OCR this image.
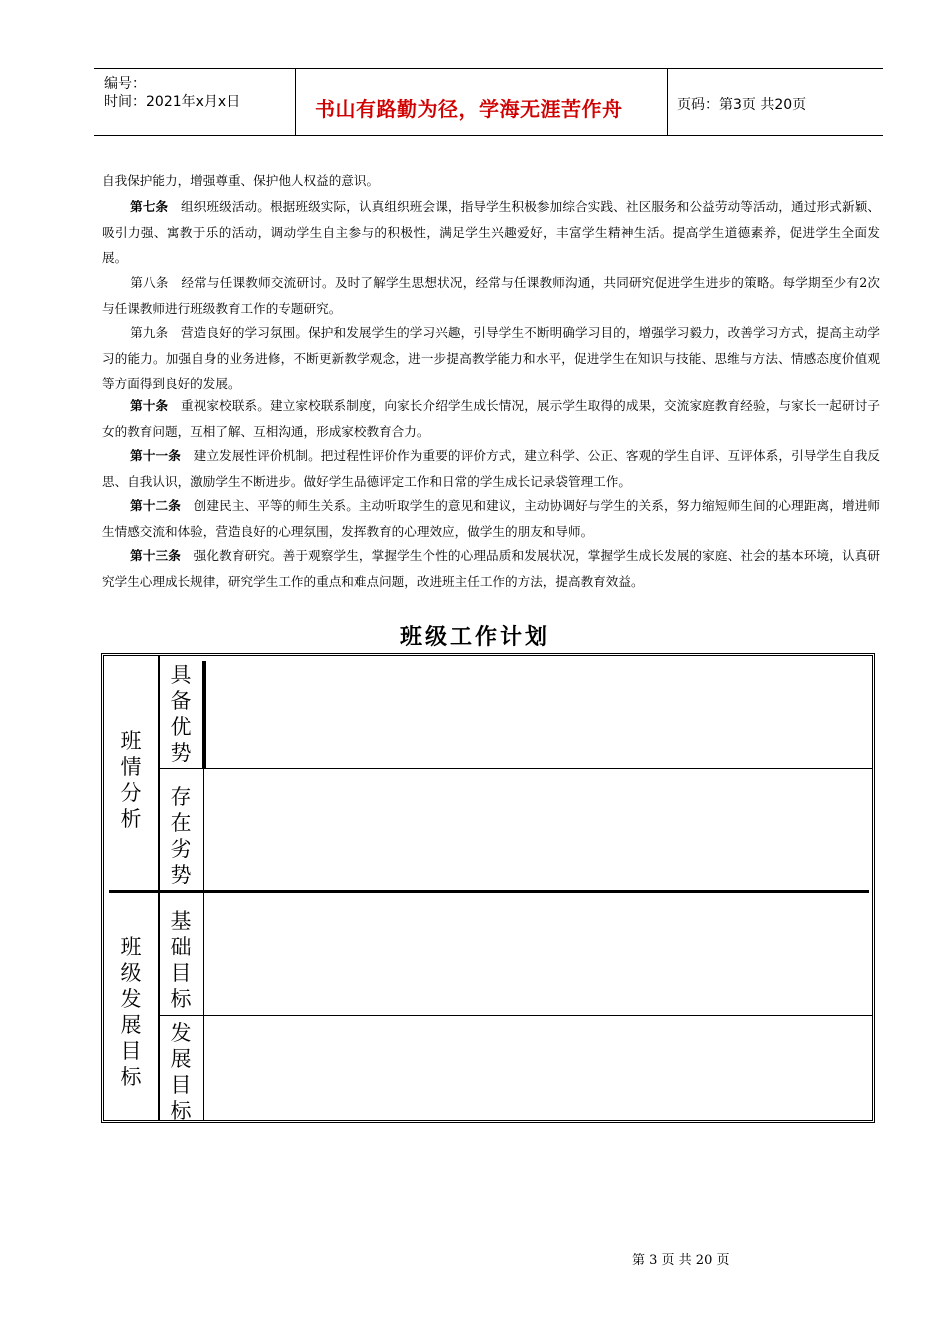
编号：
时间：2021年x月x日	书山有路勤为径，学海无涯苦作舟	页码：第3页 共20页

自我保护能力，增强尊重、保护他人权益的意识。

第七条　组织班级活动。根据班级实际，认真组织班会课，指导学生积极参加综合实践、社区服务和公益劳动等活动，通过形式新颖、吸引力强、寓教于乐的活动，调动学生自主参与的积极性，满足学生兴趣爱好，丰富学生精神生活。提高学生道德素养，促进学生全面发展。

第八条　经常与任课教师交流研讨。及时了解学生思想状况，经常与任课教师沟通，共同研究促进学生进步的策略。每学期至少有2次与任课教师进行班级教育工作的专题研究。

第九条　营造良好的学习氛围。保护和发展学生的学习兴趣，引导学生不断明确学习目的，增强学习毅力，改善学习方式，提高主动学习的能力。加强自身的业务进修，不断更新教学观念，进一步提高教学能力和水平，促进学生在知识与技能、思维与方法、情感态度价值观等方面得到良好的发展。

第十条　重视家校联系。建立家校联系制度，向家长介绍学生成长情况，展示学生取得的成果，交流家庭教育经验，与家长一起研讨子女的教育问题，互相了解、互相沟通，形成家校教育合力。

第十一条　建立发展性评价机制。把过程性评价作为重要的评价方式，建立科学、公正、客观的学生自评、互评体系，引导学生自我反思、自我认识，激励学生不断进步。做好学生品德评定工作和日常的学生成长记录袋管理工作。

第十二条　创建民主、平等的师生关系。主动听取学生的意见和建议，主动协调好与学生的关系，努力缩短师生间的心理距离，增进师生情感交流和体验，营造良好的心理氛围，发挥教育的心理效应，做学生的朋友和导师。

第十三条　强化教育研究。善于观察学生，掌握学生个性的心理品质和发展状况，掌握学生成长发展的家庭、社会的基本环境，认真研究学生心理成长规律，研究学生工作的重点和难点问题，改进班主任工作的方法，提高教育效益。

班级工作计划
班情分析
班级发展目标
具备优势
存在劣势
基础目标
发展目标
第 3 页 共 20 页
